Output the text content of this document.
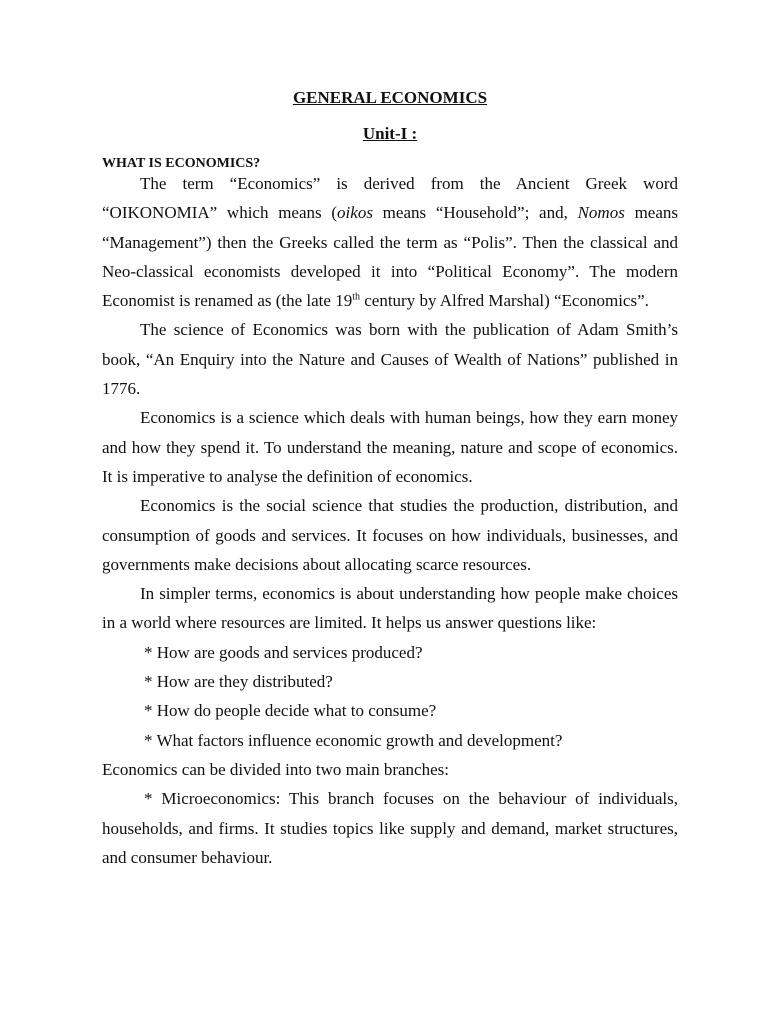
GENERAL ECONOMICS
Unit-I :
WHAT IS ECONOMICS?

The term “Economics” is derived from the Ancient Greek word “OIKONOMIA” which means (oikos means “Household”; and, Nomos means “Management”) then the Greeks called the term as “Polis”. Then the classical and Neo-classical economists developed it into “Political Economy”. The modern Economist is renamed as (the late 19th century by Alfred Marshal) “Economics”.

The science of Economics was born with the publication of Adam Smith’s book, “An Enquiry into the Nature and Causes of Wealth of Nations” published in 1776.

Economics is a science which deals with human beings, how they earn money and how they spend it. To understand the meaning, nature and scope of economics. It is imperative to analyse the definition of economics.

Economics is the social science that studies the production, distribution, and consumption of goods and services. It focuses on how individuals, businesses, and governments make decisions about allocating scarce resources.

In simpler terms, economics is about understanding how people make choices in a world where resources are limited. It helps us answer questions like:

* How are goods and services produced?

* How are they distributed?

* How do people decide what to consume?

* What factors influence economic growth and development?

Economics can be divided into two main branches:

* Microeconomics: This branch focuses on the behaviour of individuals, households, and firms. It studies topics like supply and demand, market structures, and consumer behaviour.
